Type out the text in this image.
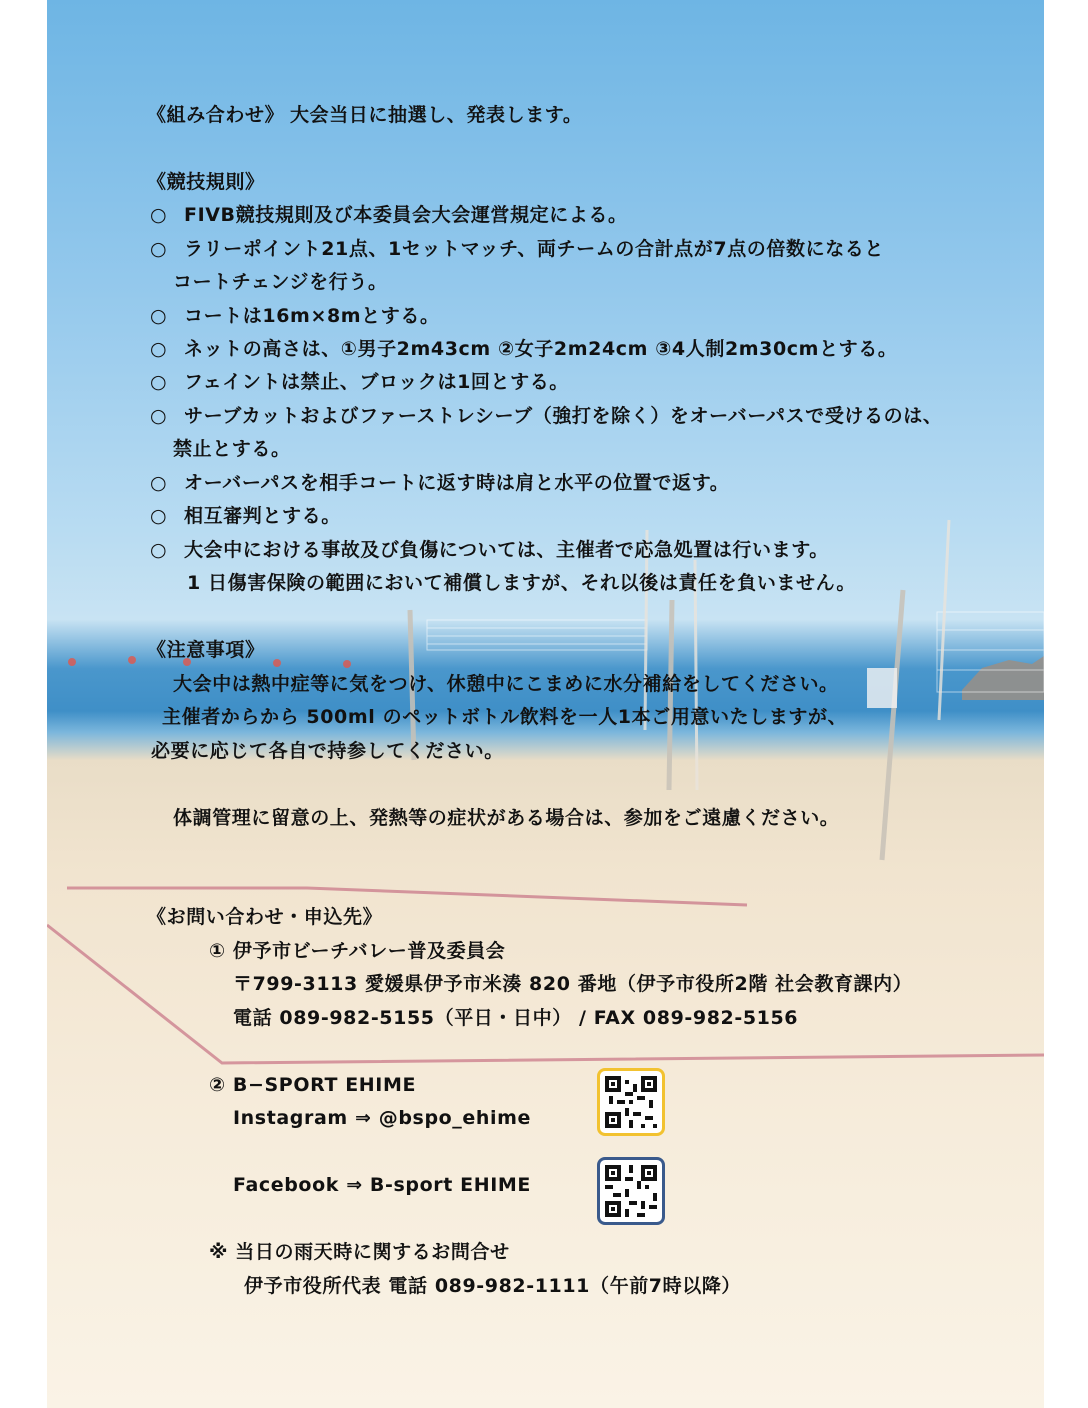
《組み合わせ》 大会当日に抽選し、発表します。
《競技規則》
○ FIVB競技規則及び本委員会大会運営規定による。
○ ラリーポイント21点、1セットマッチ、両チームの合計点が7点の倍数になると
コートチェンジを行う。
○ コートは16m×8mとする。
○ ネットの高さは、①男子2m43cm ②女子2m24cm ③4人制2m30cmとする。
○ フェイントは禁止、ブロックは1回とする。
○ サーブカットおよびファーストレシーブ（強打を除く）をオーバーパスで受けるのは、
禁止とする。
○ オーバーパスを相手コートに返す時は肩と水平の位置で返す。
○ 相互審判とする。
○ 大会中における事故及び負傷については、主催者で応急処置は行います。
1 日傷害保険の範囲において補償しますが、それ以後は責任を負いません。
《注意事項》
大会中は熱中症等に気をつけ、休憩中にこまめに水分補給をしてください。
主催者からから 500ml のペットボトル飲料を一人1本ご用意いたしますが、
必要に応じて各自で持参してください。
体調管理に留意の上、発熱等の症状がある場合は、参加をご遠慮ください。
《お問い合わせ・申込先》
① 伊予市ビーチバレー普及委員会
〒799-3113 愛媛県伊予市米湊 820 番地（伊予市役所2階 社会教育課内）
電話 089-982-5155（平日・日中） / FAX 089-982-5156
② B−SPORT EHIME
Instagram ⇒ @bspo_ehime
Facebook ⇒ B-sport EHIME
※ 当日の雨天時に関するお問合せ
伊予市役所代表 電話 089-982-1111（午前7時以降）
